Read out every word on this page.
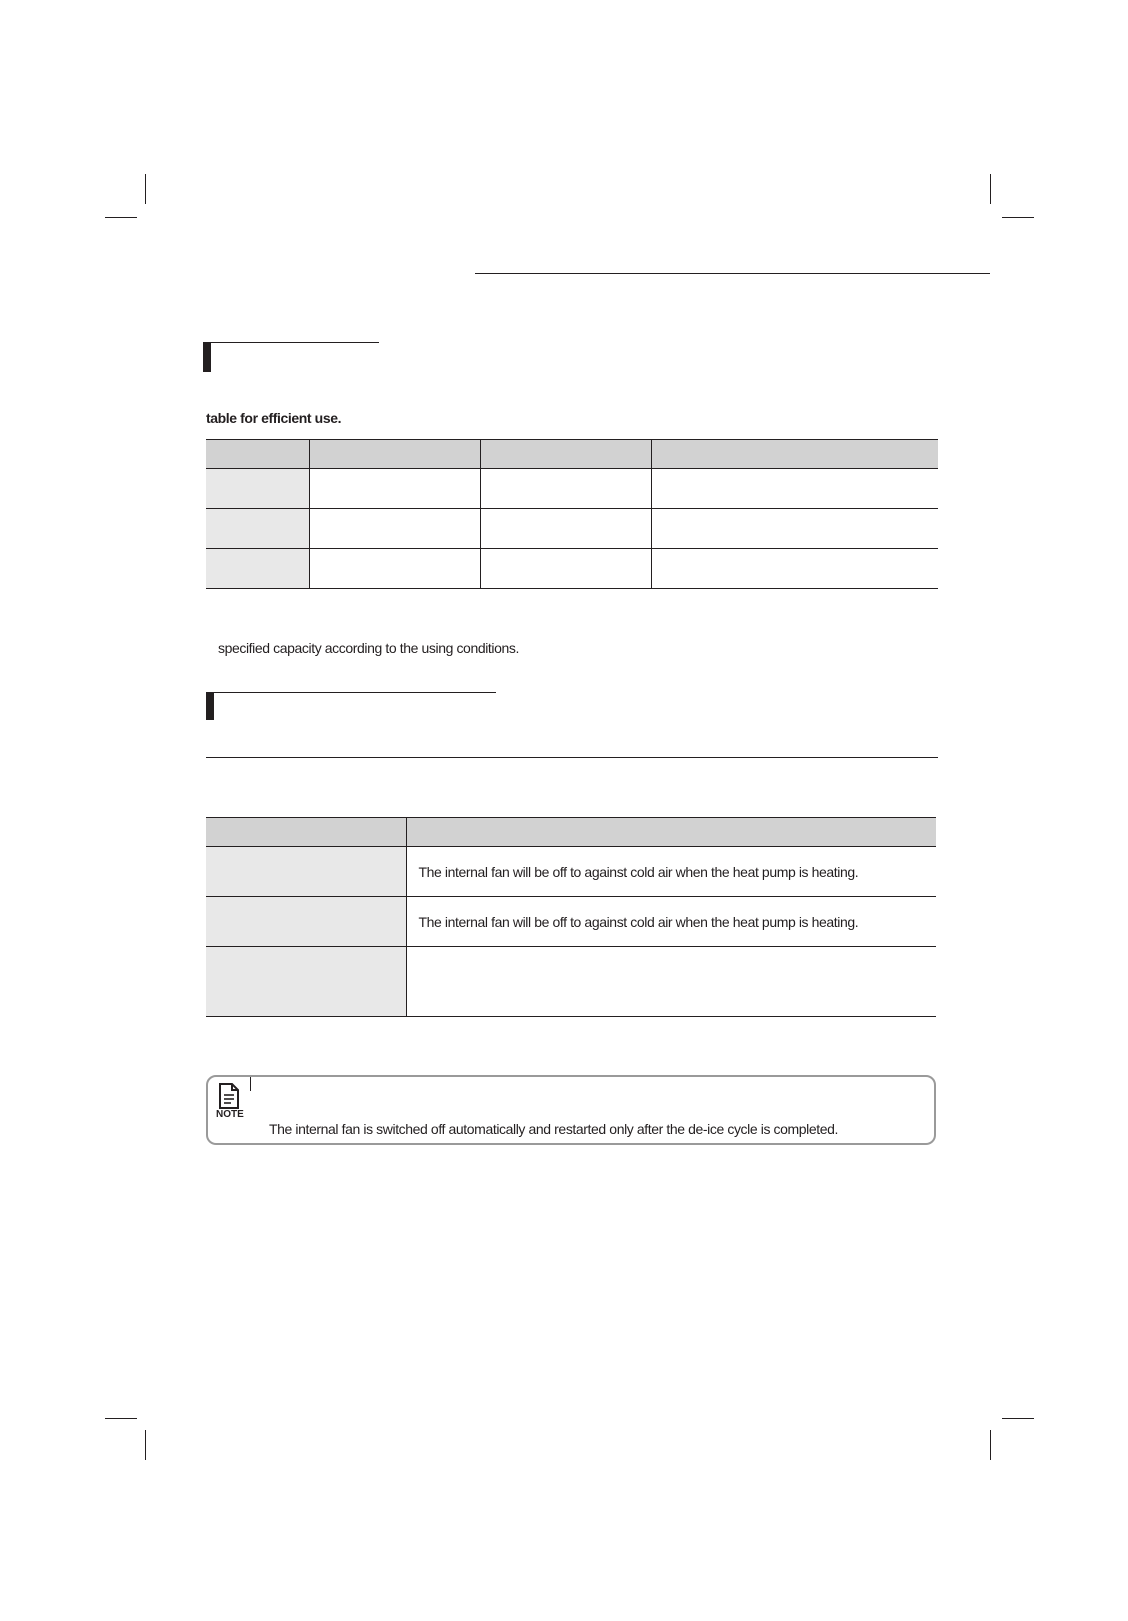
table for efficient use.

specified capacity according to the using conditions.

	The internal fan will be off to against cold air when the heat pump is heating.
	The internal fan will be off to against cold air when the heat pump is heating.

NOTE
The internal fan is switched off automatically and restarted only after the de-ice cycle is completed.
